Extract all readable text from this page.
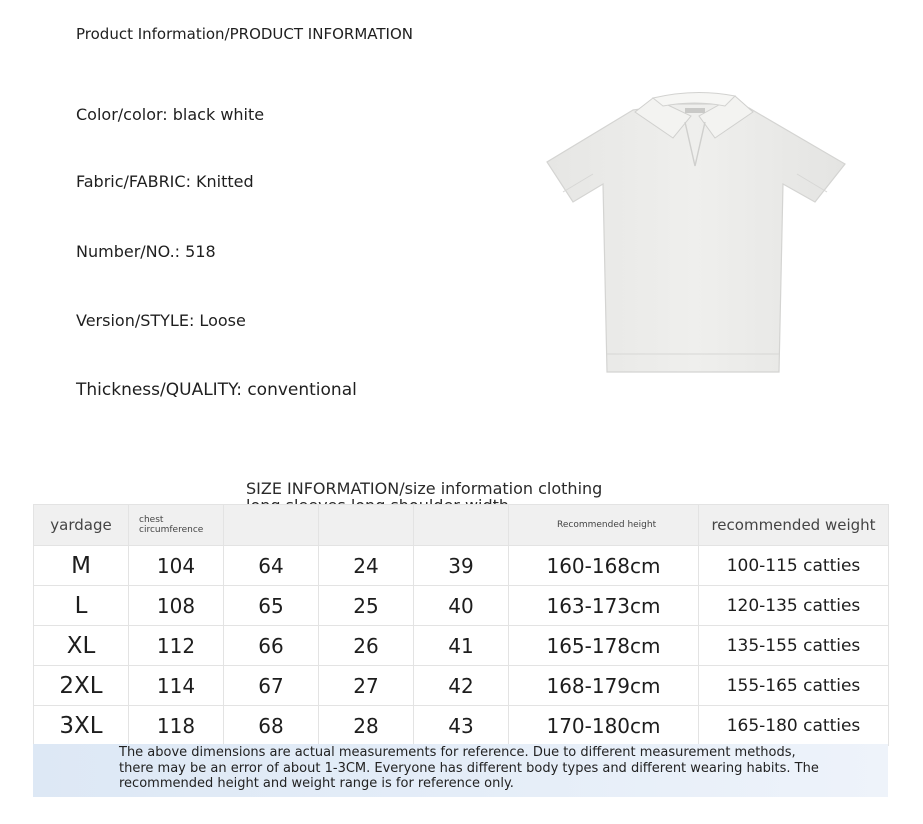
Product Information/PRODUCT INFORMATION
Color/color: black white
Fabric/FABRIC: Knitted
Number/NO.: 518
Version/STYLE: Loose
Thickness/QUALITY: conventional
SIZE INFORMATION/size information clothing
yardage	chest circumference				Recommended height	recommended weight
M	104	64	24	39	160-168cm	100-115 catties
L	108	65	25	40	163-173cm	120-135 catties
XL	112	66	26	41	165-178cm	135-155 catties
2XL	114	67	27	42	168-179cm	155-165 catties
3XL	118	68	28	43	170-180cm	165-180 catties
The above dimensions are actual measurements for reference. Due to different measurement methods, there may be an error of about 1-3CM. Everyone has different body types and different wearing habits. The recommended height and weight range is for reference only.
